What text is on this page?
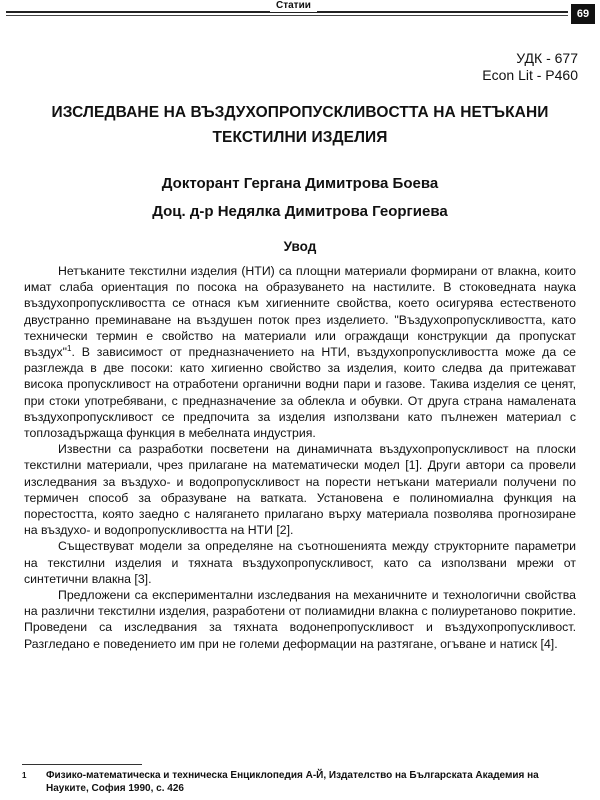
Статии
69
УДК - 677
Econ Lit - P460
ИЗСЛЕДВАНЕ НА ВЪЗДУХОПРОПУСКЛИВОСТТА НА НЕТЪКАНИ
ТЕКСТИЛНИ ИЗДЕЛИЯ
Докторант Гергана Димитрова Боева
Доц. д-р Недялка Димитрова Георгиева
Увод

Нетъканите текстилни изделия (НТИ) са площни материали формирани от влакна, които имат слаба ориентация по посока на образуването на настилите. В стоковедната наука въздухопропускливостта се отнася към хигиенните свойства, което осигурява естественото двустранно преминаване на въздушен поток през изделието. "Въздухопропускливостта, като технически термин е свойство на материали или ограждащи конструкции да пропускат въздух"$^1$. В зависимост от предназначението на НТИ, въздухопропускливостта може да се разглежда в две посоки: като хигиенно свойство за изделия, които следва да притежават висока пропускливост на отработени органични водни пари и газове. Такива изделия се ценят, при стоки употребявани, с предназначение за облекла и обувки. От друга страна намалената въздухопропускливост се предпочита за изделия използвани като пълнежен материал с топлозадържаща функция в мебелната индустрия.

Известни са разработки посветени на динамичната въздухопропускливост на плоски текстилни материали, чрез прилагане на математически модел [1]. Други автори са провели изследвания за въздухо- и водопропускливост на порести нетъкани материали получени по термичен способ за образуване на ватката. Установена е полиномиална функция на порестостта, която заедно с налягането прилагано върху материала позволява прогнозиране на въздухо- и водопропускливостта на НТИ [2].

Съществуват модели за определяне на съотношенията между структорните параметри на текстилни изделия и тяхната въздухопропускливост, като са използвани мрежи от синтетични влакна [3].

Предложени са експериментални изследвания на механичните и технологични свойства на различни текстилни изделия, разработени от полиамидни влакна с полиуретаново покритие. Проведени са изследвания за тяхната водонепропускливост и въздухопропускливост. Разгледано е поведението им при не големи деформации на разтягане, огъване и натиск [4].

1 Физико-математическа и техническа Енциклопедия А-Й, Издателство на Българската Академия на Науките, София 1990, с. 426
